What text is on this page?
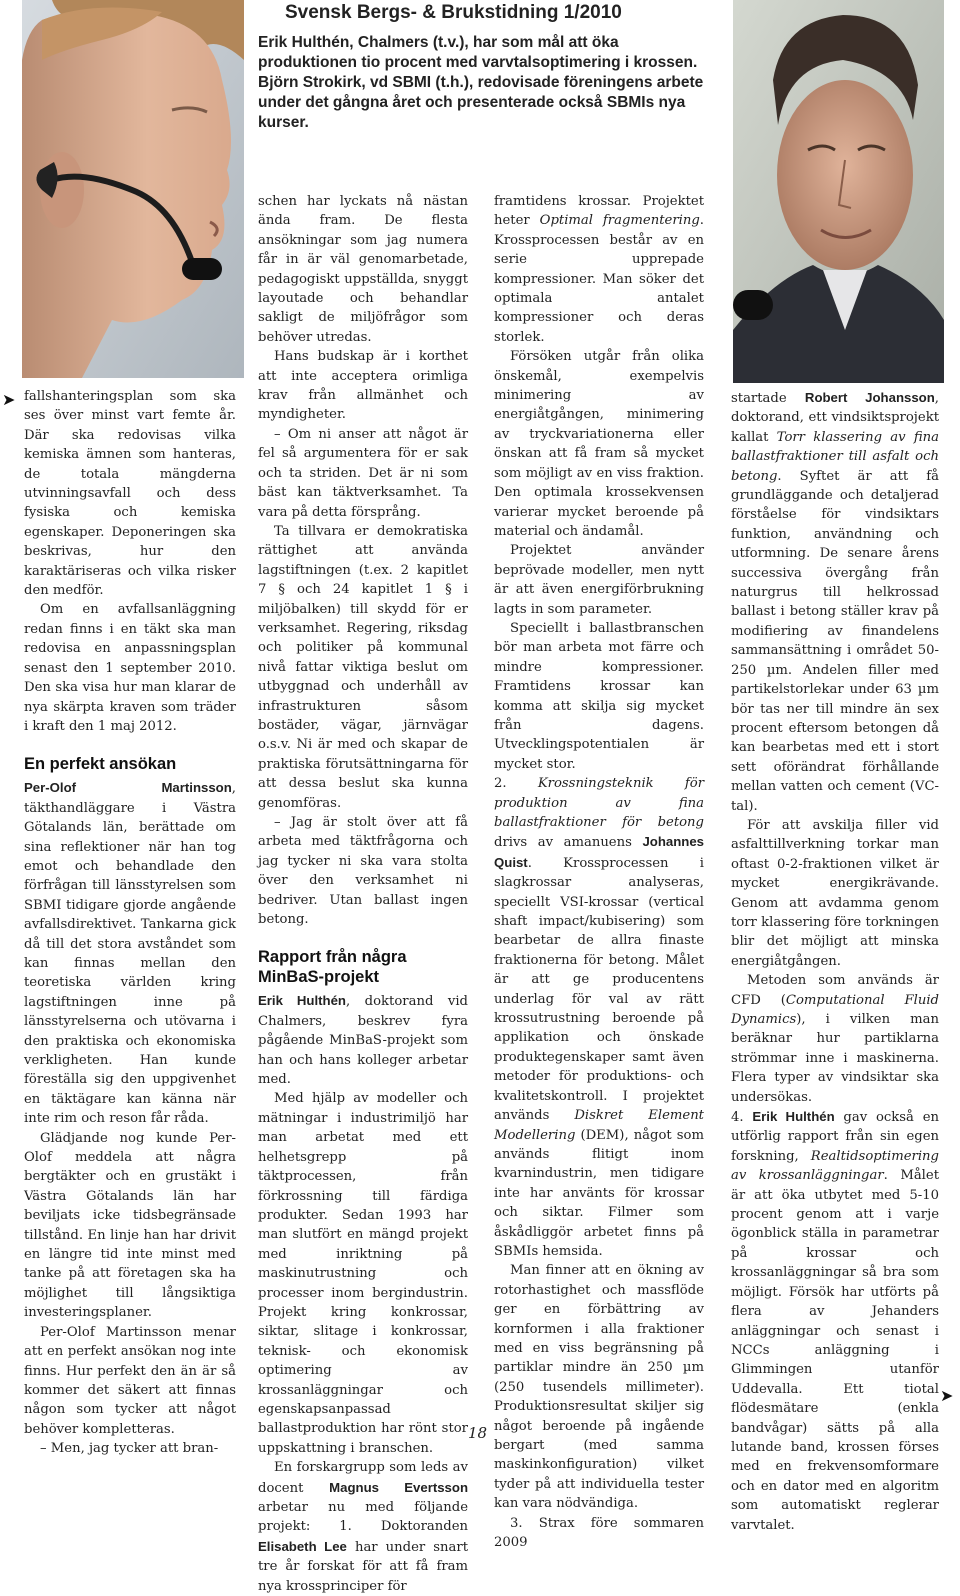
Svensk Bergs- & Brukstidning 1/2010
Erik Hulthén, Chalmers (t.v.), har som mål att öka produktionen tio procent med varvtalsoptimering i krossen. Björn Strokirk, vd SBMI (t.h.), redovisade föreningens arbete under det gångna året och presenterade också SBMIs nya kurser.
➤ fallshanteringsplan som ska ses över minst vart femte år. Där ska redovisas vilka kemiska ämnen som hanteras, de totala mängderna utvinningsavfall och dess fysiska och kemiska egenskaper. Deponeringen ska beskrivas, hur den karaktäriseras och vilka risker den medför.

Om en avfallsanläggning redan finns i en täkt ska man redovisa en anpassningsplan senast den 1 september 2010. Den ska visa hur man klarar de nya skärpta kraven som träder i kraft den 1 maj 2012.

En perfekt ansökan

Per-Olof Martinsson, täkthandläggare i Västra Götalands län, berättade om sina reflektioner när han tog emot och behandlade den förfrågan till länsstyrelsen som SBMI tidigare gjorde angående avfallsdirektivet. Tankarna gick då till det stora avståndet som kan finnas mellan den teoretiska världen kring lagstiftningen inne på länsstyrelserna och utövarna i den praktiska och ekonomiska verkligheten. Han kunde föreställa sig den uppgivenhet en täktägare kan känna när inte rim och reson får råda.

Glädjande nog kunde Per-Olof meddela att några bergtäkter och en grustäkt i Västra Götalands län har beviljats icke tidsbegränsade tillstånd. En linje han har drivit en längre tid inte minst med tanke på att företagen ska ha möjlighet till långsiktiga investeringsplaner.

Per-Olof Martinsson menar att en perfekt ansökan nog inte finns. Hur perfekt den än är så kommer det säkert att finnas någon som tycker att något behöver kompletteras.

– Men, jag tycker att bran-

schen har lyckats nå nästan ända fram. De flesta ansökningar som jag numera får in är väl genomarbetade, pedagogiskt uppställda, snyggt layoutade och behandlar sakligt de miljöfrågor som behöver utredas.

Hans budskap är i korthet att inte acceptera orimliga krav från allmänhet och myndigheter.

– Om ni anser att något är fel så argumentera för er sak och ta striden. Det är ni som bäst kan täktverksamhet. Ta vara på detta försprång.

Ta tillvara er demokratiska rättighet att använda lagstiftningen (t.ex. 2 kapitlet 7 § och 24 kapitlet 1 § i miljöbalken) till skydd för er verksamhet. Regering, riksdag och politiker på kommunal nivå fattar viktiga beslut om utbyggnad och underhåll av infrastrukturen såsom bostäder, vägar, järnvägar o.s.v. Ni är med och skapar de praktiska förutsättningarna för att dessa beslut ska kunna genomföras.

– Jag är stolt över att få arbeta med täktfrågorna och jag tycker ni ska vara stolta över den verksamhet ni bedriver. Utan ballast ingen betong.

Rapport från några MinBaS-projekt

Erik Hulthén, doktorand vid Chalmers, beskrev fyra pågående MinBaS-projekt som han och hans kolleger arbetar med.

Med hjälp av modeller och mätningar i industrimiljö har man arbetat med ett helhetsgrepp på täktprocessen, från förkrossning till färdiga produkter. Sedan 1993 har man slutfört en mängd projekt med inriktning på maskinutrustning och processer inom bergindustrin. Projekt kring konkrossar, siktar, slitage i konkrossar, teknisk- och ekonomisk optimering av krossanläggningar och egenskapsanpassad ballastproduktion har rönt stor uppskattning i branschen.

En forskargrupp som leds av docent Magnus Evertsson arbetar nu med följande projekt: 1. Doktoranden Elisabeth Lee har under snart tre år forskat för att få fram nya krossprinciper för

framtidens krossar. Projektet heter Optimal fragmentering. Krossprocessen består av en serie upprepade kompressioner. Man söker det optimala antalet kompressioner och deras storlek.

Försöken utgår från olika önskemål, exempelvis minimering av energiåtgången, minimering av tryckvariationerna eller önskan att få fram så mycket som möjligt av en viss fraktion. Den optimala krossekvensen varierar mycket beroende på material och ändamål.

Projektet använder beprövade modeller, men nytt är att även energiförbrukning lagts in som parameter.

Speciellt i ballastbranschen bör man arbeta mot färre och mindre kompressioner. Framtidens krossar kan komma att skilja sig mycket från dagens. Utvecklingspotentialen är mycket stor.

2. Krossningsteknik för produktion av fina ballastfraktioner för betong drivs av amanuens Johannes Quist. Krossprocessen i slagkrossar analyseras, speciellt VSI-krossar (vertical shaft impact/kubisering) som bearbetar de allra finaste fraktionerna för betong. Målet är att ge producentens underlag för val av rätt krossutrustning beroende på applikation och önskade produktegenskaper samt även metoder för produktions- och kvalitetskontroll. I projektet används Diskret Element Modellering (DEM), något som används flitigt inom kvarnindustrin, men tidigare inte har använts för krossar och siktar. Filmer som åskådliggör arbetet finns på SBMIs hemsida.

Man finner att en ökning av rotorhastighet och massflöde ger en förbättring av kornformen i alla fraktioner med en viss begränsning på partiklar mindre än 250 µm (250 tusendels millimeter). Produktionsresultat skiljer sig något beroende på ingående bergart (med samma maskinkonfiguration) vilket tyder på att individuella tester kan vara nödvändiga.

3. Strax före sommaren 2009

startade Robert Johansson, doktorand, ett vindsiktsprojekt kallat Torr klassering av fina ballastfraktioner till asfalt och betong. Syftet är att få grundläggande och detaljerad förståelse för vindsiktars funktion, användning och utformning. De senare årens successiva övergång från naturgrus till helkrossad ballast i betong ställer krav på modifiering av finandelens sammansättning i området 50-250 µm. Andelen filler med partikelstorlekar under 63 µm bör tas ner till mindre än sex procent eftersom betongen då kan bearbetas med ett i stort sett oförändrat förhållande mellan vatten och cement (VC-tal).

För att avskilja filler vid asfalttillverkning torkar man oftast 0-2-fraktionen vilket är mycket energikrävande. Genom att avdamma genom torr klassering före torkningen blir det möjligt att minska energiåtgången.

Metoden som används är CFD (Computational Fluid Dynamics), i vilken man beräknar hur partiklarna strömmar inne i maskinerna. Flera typer av vindsiktar ska undersökas.

4. Erik Hulthén gav också en utförlig rapport från sin egen forskning, Realtidsoptimering av krossanläggningar. Målet är att öka utbytet med 5-10 procent genom att i varje ögonblick ställa in parametrar på krossar och krossanläggningar så bra som möjligt. Försök har utförts på flera av Jehanders anläggningar och senast i NCCs anläggning i Glimmingen utanför Uddevalla. Ett tiotal flödesmätare (enkla bandvågar) sätts på alla lutande band, krossen förses med en frekvensomformare och en dator med en algoritm som automatiskt reglerar varvtalet.

➤
18
